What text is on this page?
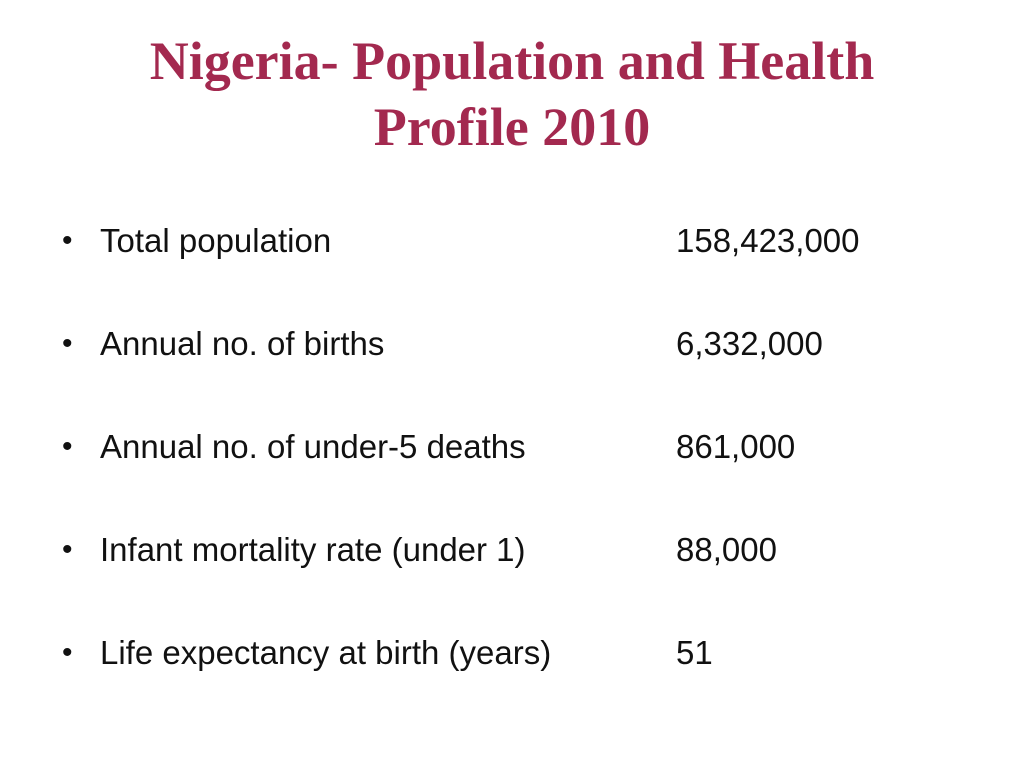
Nigeria- Population and Health
Profile 2010
• Total population	158,423,000
• Annual no. of births	6,332,000
• Annual no. of under-5 deaths	861,000
• Infant mortality rate (under 1)	88,000
• Life expectancy at birth (years)	51
